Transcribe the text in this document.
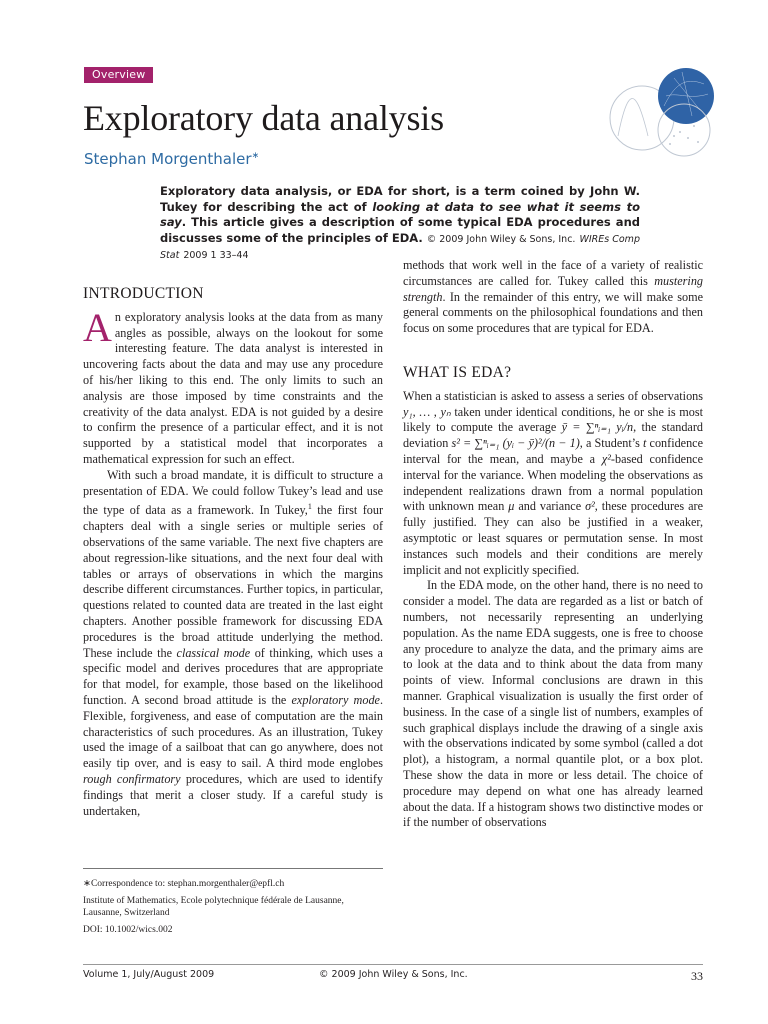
Overview
Exploratory data analysis
Stephan Morgenthaler∗
Exploratory data analysis, or EDA for short, is a term coined by John W. Tukey for describing the act of looking at data to see what it seems to say. This article gives a description of some typical EDA procedures and discusses some of the principles of EDA. © 2009 John Wiley & Sons, Inc. WIREs Comp Stat 2009 1 33–44
INTRODUCTION

An exploratory analysis looks at the data from as many angles as possible, always on the lookout for some interesting feature. The data analyst is interested in uncovering facts about the data and may use any procedure of his/her liking to this end. The only limits to such an analysis are those imposed by time constraints and the creativity of the data analyst. EDA is not guided by a desire to confirm the presence of a particular effect, and it is not supported by a statistical model that incorporates a mathematical expression for such an effect.

With such a broad mandate, it is difficult to structure a presentation of EDA. We could follow Tukey’s lead and use the type of data as a framework. In Tukey,$^1$ the first four chapters deal with a single series or multiple series of observations of the same variable. The next five chapters are about regression-like situations, and the next four deal with tables or arrays of observations in which the margins describe different circumstances. Further topics, in particular, questions related to counted data are treated in the last eight chapters. Another possible framework for discussing EDA procedures is the broad attitude underlying the method. These include the classical mode of thinking, which uses a specific model and derives procedures that are appropriate for that model, for example, those based on the likelihood function. A second broad attitude is the exploratory mode. Flexible, forgiveness, and ease of computation are the main characteristics of such procedures. As an illustration, Tukey used the image of a sailboat that can go anywhere, does not easily tip over, and is easy to sail. A third mode englobes rough confirmatory procedures, which are used to identify findings that merit a closer study. If a careful study is undertaken,

∗Correspondence to: stephan.morgenthaler@epfl.ch
Institute of Mathematics, Ecole polytechnique fédérale de Lausanne, Lausanne, Switzerland
DOI: 10.1002/wics.002

methods that work well in the face of a variety of realistic circumstances are called for. Tukey called this mustering strength. In the remainder of this entry, we will make some general comments on the philosophical foundations and then focus on some procedures that are typical for EDA.

WHAT IS EDA?

When a statistician is asked to assess a series of observations y₁, … , yₙ taken under identical conditions, he or she is most likely to compute the average ȳ = ∑ⁿᵢ₌₁ yᵢ/n, the standard deviation s² = ∑ⁿᵢ₌₁ (yᵢ − ȳ)²/(n − 1), a Student’s t confidence interval for the mean, and maybe a χ²-based confidence interval for the variance. When modeling the observations as independent realizations drawn from a normal population with unknown mean μ and variance σ², these procedures are fully justified. They can also be justified in a weaker, asymptotic or least squares or permutation sense. In most instances such models and their conditions are merely implicit and not explicitly specified.

In the EDA mode, on the other hand, there is no need to consider a model. The data are regarded as a list or batch of numbers, not necessarily representing an underlying population. As the name EDA suggests, one is free to choose any procedure to analyze the data, and the primary aims are to look at the data and to think about the data from many points of view. Informal conclusions are drawn in this manner. Graphical visualization is usually the first order of business. In the case of a single list of numbers, examples of such graphical displays include the drawing of a single axis with the observations indicated by some symbol (called a dot plot), a histogram, a normal quantile plot, or a box plot. These show the data in more or less detail. The choice of procedure may depend on what one has already learned about the data. If a histogram shows two distinctive modes or if the number of observations

Volume 1, July/August 2009	© 2009 John Wiley & Sons, Inc.	33
